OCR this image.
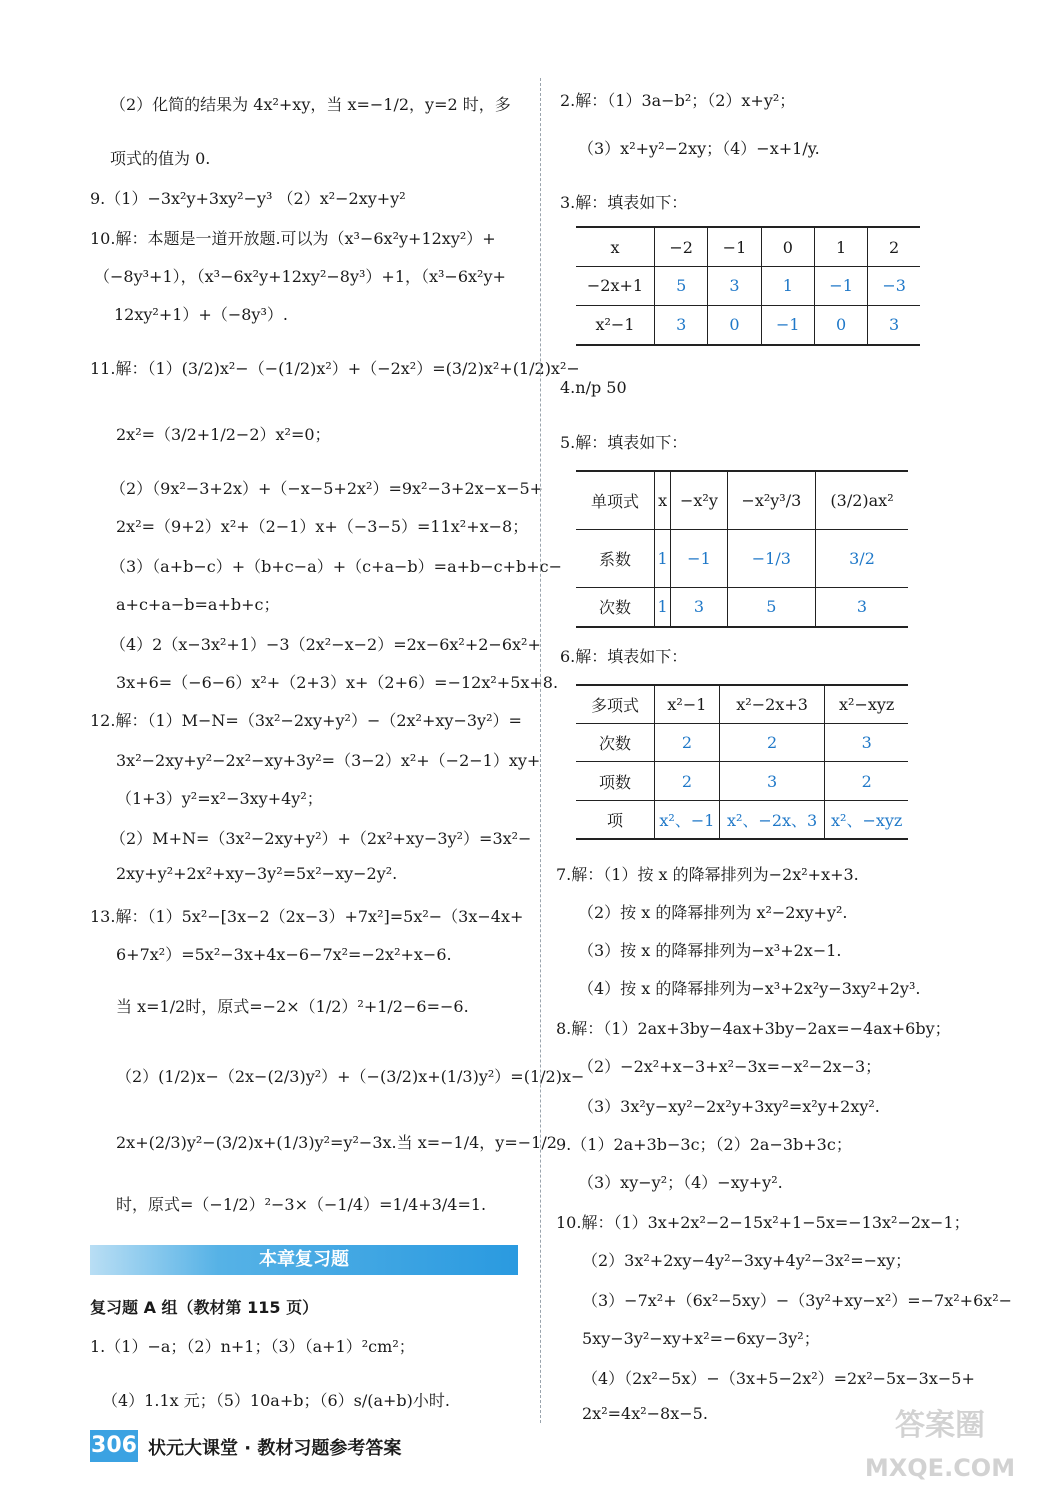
（2）化简的结果为 4x²+xy，当 x=−1/2，y=2 时，多
项式的值为 0.
9.（1）−3x²y+3xy²−y³ （2）x²−2xy+y²
10.解：本题是一道开放题.可以为（x³−6x²y+12xy²）+
（−8y³+1），（x³−6x²y+12xy²−8y³）+1，（x³−6x²y+
12xy²+1）+（−8y³）.
11.解：（1）(3/2)x²−（−(1/2)x²）+（−2x²）=(3/2)x²+(1/2)x²−
2x²=（3/2+1/2−2）x²=0；
（2）（9x²−3+2x）+（−x−5+2x²）=9x²−3+2x−x−5+
2x²=（9+2）x²+（2−1）x+（−3−5）=11x²+x−8；
（3）（a+b−c）+（b+c−a）+（c+a−b）=a+b−c+b+c−
a+c+a−b=a+b+c；
（4）2（x−3x²+1）−3（2x²−x−2）=2x−6x²+2−6x²+
3x+6=（−6−6）x²+（2+3）x+（2+6）=−12x²+5x+8.
12.解：（1）M−N=（3x²−2xy+y²）−（2x²+xy−3y²）=
3x²−2xy+y²−2x²−xy+3y²=（3−2）x²+（−2−1）xy+
（1+3）y²=x²−3xy+4y²；
（2）M+N=（3x²−2xy+y²）+（2x²+xy−3y²）=3x²−
2xy+y²+2x²+xy−3y²=5x²−xy−2y².
13.解：（1）5x²−[3x−2（2x−3）+7x²]=5x²−（3x−4x+
6+7x²）=5x²−3x+4x−6−7x²=−2x²+x−6.
当 x=1/2时，原式=−2×（1/2）²+1/2−6=−6.
（2）(1/2)x−（2x−(2/3)y²）+（−(3/2)x+(1/3)y²）=(1/2)x−
2x+(2/3)y²−(3/2)x+(1/3)y²=y²−3x.当 x=−1/4，y=−1/2
时，原式=（−1/2）²−3×（−1/4）=1/4+3/4=1.
复习题 A 组（教材第 115 页）
1.（1）−a；（2）n+1；（3）（a+1）²cm²；
（4）1.1x 元；（5）10a+b；（6）s/(a+b)小时.
本章复习题
2.解：（1）3a−b²；（2）x+y²；
（3）x²+y²−2xy；（4）−x+1/y.
3.解：填表如下：
4.n/p 50
5.解：填表如下：
6.解：填表如下：
7.解：（1）按 x 的降幂排列为−2x²+x+3.
（2）按 x 的降幂排列为 x²−2xy+y².
（3）按 x 的降幂排列为−x³+2x−1.
（4）按 x 的降幂排列为−x³+2x²y−3xy²+2y³.
8.解：（1）2ax+3by−4ax+3by−2ax=−4ax+6by；
（2）−2x²+x−3+x²−3x=−x²−2x−3；
（3）3x²y−xy²−2x²y+3xy²=x²y+2xy².
9.（1）2a+3b−3c；（2）2a−3b+3c；
（3）xy−y²；（4）−xy+y².
10.解：（1）3x+2x²−2−15x²+1−5x=−13x²−2x−1；
（2）3x²+2xy−4y²−3xy+4y²−3x²=−xy；
（3）−7x²+（6x²−5xy）−（3y²+xy−x²）=−7x²+6x²−
5xy−3y²−xy+x²=−6xy−3y²；
（4）（2x²−5x）−（3x+5−2x²）=2x²−5x−3x−5+
2x²=4x²−8x−5.
x	−2	−1	0	1	2
−2x+1	5	3	1	−1	−3
x²−1	3	0	−1	0	3
单项式	x	−x²y	−x²y³/3	(3/2)ax²
系数	1	−1	−1/3	3/2
次数	1	3	5	3
多项式	x²−1	x²−2x+3	x²−xyz
次数	2	2	3
项数	2	3	2
项	x²、−1	x²、−2x、3	x²、−xyz
306 状元大课堂 · 教材习题参考答案
答案圈
MXQE.COM
